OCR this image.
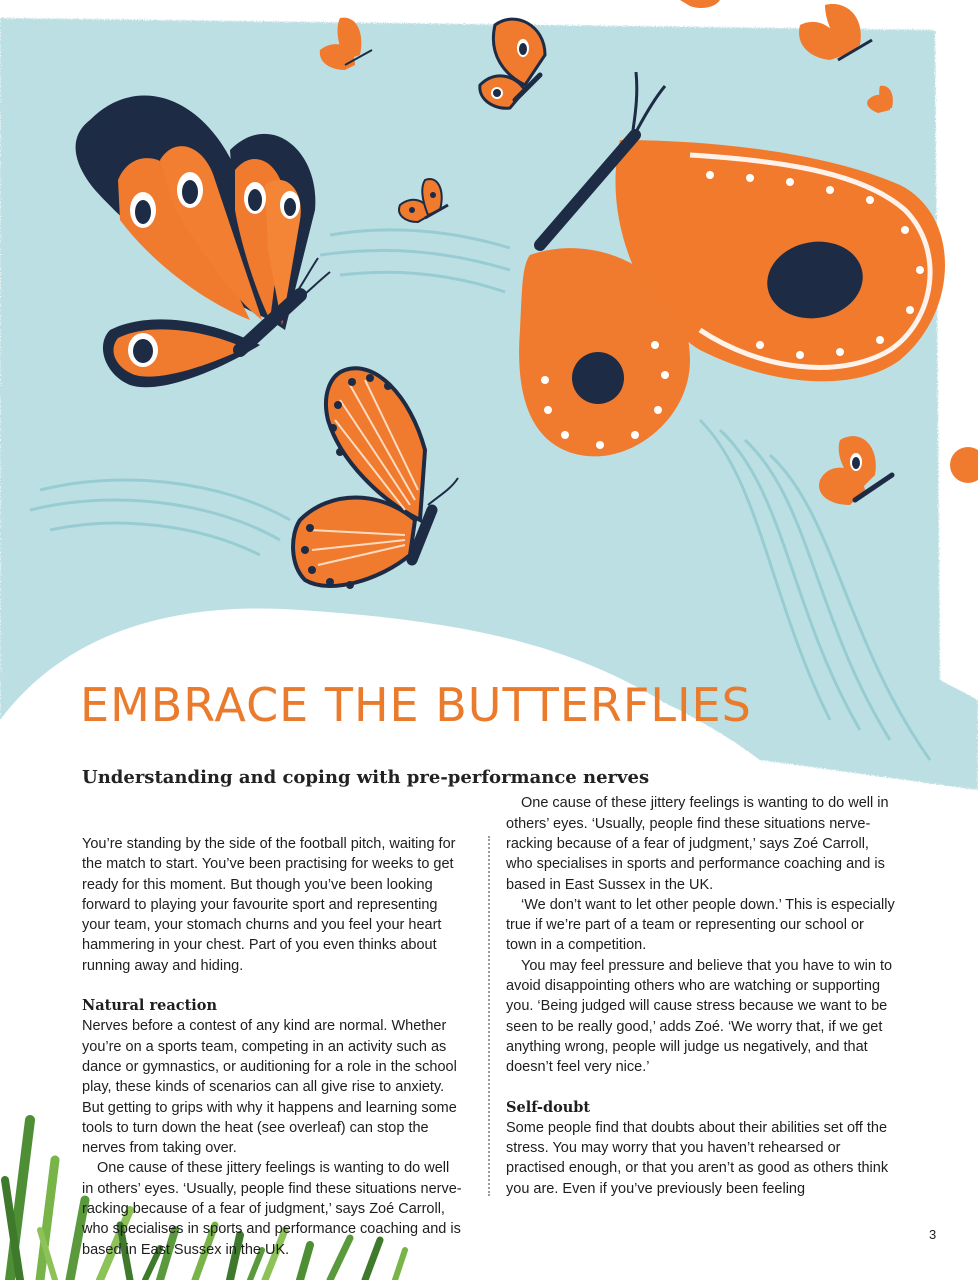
EMBRACE THE BUTTERFLIES
Understanding and coping with pre-performance nerves

You’re standing by the side of the football pitch, waiting for the match to start. You’ve been practising for weeks to get ready for this moment. But though you’ve been looking forward to playing your favourite sport and representing your team, your stomach churns and you feel your heart hammering in your chest. Part of you even thinks about running away and hiding.

Natural reaction

Nerves before a contest of any kind are normal. Whether you’re on a sports team, competing in an activity such as dance or gymnastics, or auditioning for a role in the school play, these kinds of scenarios can all give rise to anxiety. But getting to grips with why it happens and learning some tools to turn down the heat (see overleaf) can stop the nerves from taking over.

One cause of these jittery feelings is wanting to do well in others’ eyes. ‘Usually, people find these situations nerve-racking because of a fear of judgment,’ says Zoé Carroll, who specialises in sports and performance coaching and is based in East Sussex in the UK.

One cause of these jittery feelings is wanting to do well in others’ eyes. ‘Usually, people find these situations nerve-racking because of a fear of judgment,’ says Zoé Carroll, who specialises in sports and performance coaching and is based in East Sussex in the UK.

‘We don’t want to let other people down.’ This is especially true if we’re part of a team or representing our school or town in a competition.

You may feel pressure and believe that you have to win to avoid disappointing others who are watching or supporting you. ‘Being judged will cause stress because we want to be seen to be really good,’ adds Zoé. ‘We worry that, if we get anything wrong, people will judge us negatively, and that doesn’t feel very nice.’

Self-doubt

Some people find that doubts about their abilities set off the stress. You may worry that you haven’t rehearsed or practised enough, or that you aren’t as good as others think you are. Even if you’ve previously been feeling

3
